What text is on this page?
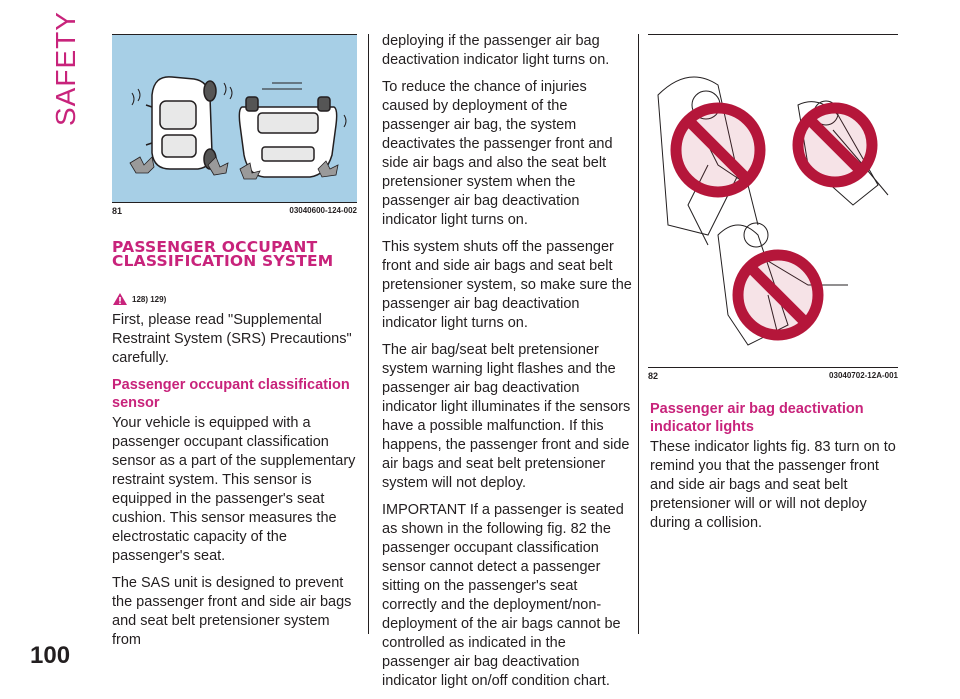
SAFETY
81	03040600-124-002
PASSENGER OCCUPANT CLASSIFICATION SYSTEM
128) 129)

First, please read "Supplemental Restraint System (SRS) Precautions" carefully.

Passenger occupant classification sensor

Your vehicle is equipped with a passenger occupant classification sensor as a part of the supplementary restraint system. This sensor is equipped in the passenger's seat cushion. This sensor measures the electrostatic capacity of the passenger's seat.

The SAS unit is designed to prevent the passenger front and side air bags and seat belt pretensioner system from

deploying if the passenger air bag deactivation indicator light turns on.

To reduce the chance of injuries caused by deployment of the passenger air bag, the system deactivates the passenger front and side air bags and also the seat belt pretensioner system when the passenger air bag deactivation indicator light turns on.

This system shuts off the passenger front and side air bags and seat belt pretensioner system, so make sure the passenger air bag deactivation indicator light turns on.

The air bag/seat belt pretensioner system warning light flashes and the passenger air bag deactivation indicator light illuminates if the sensors have a possible malfunction. If this happens, the passenger front and side air bags and seat belt pretensioner system will not deploy.

IMPORTANT If a passenger is seated as shown in the following fig. 82 the passenger occupant classification sensor cannot detect a passenger sitting on the passenger's seat correctly and the deployment/non-deployment of the air bags cannot be controlled as indicated in the passenger air bag deactivation indicator light on/off condition chart.

82	03040702-12A-001
Passenger air bag deactivation indicator lights

These indicator lights fig. 83 turn on to remind you that the passenger front and side air bags and seat belt pretensioner will or will not deploy during a collision.

100
